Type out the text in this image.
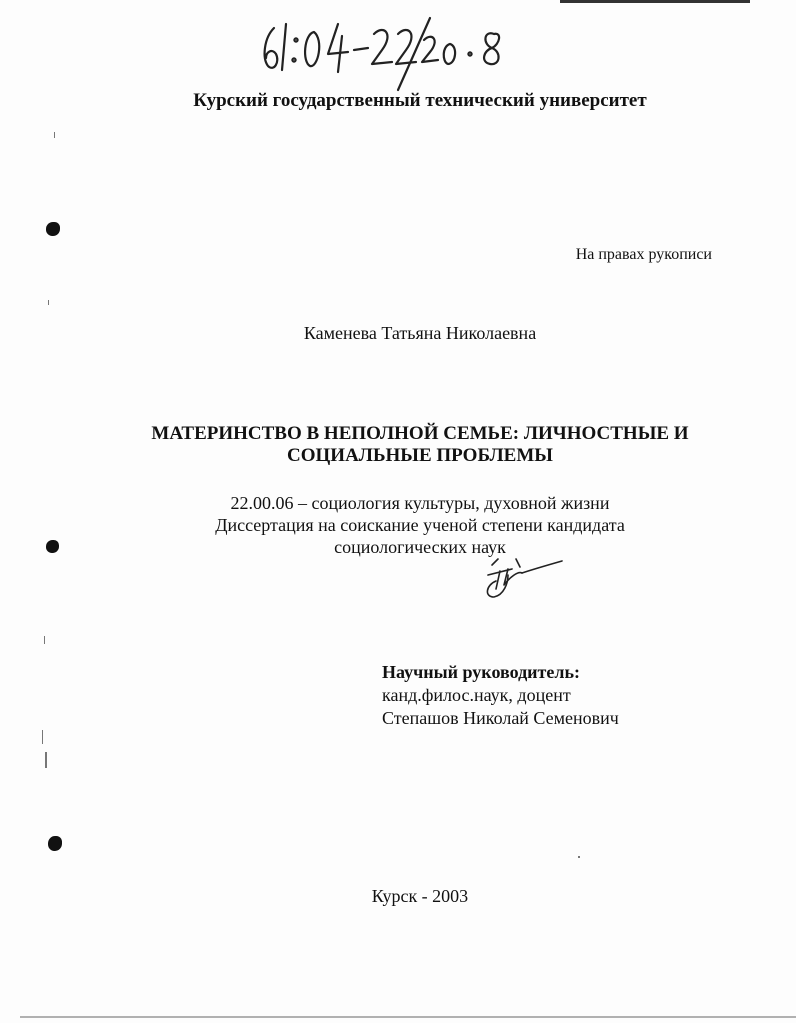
Курский государственный технический университет
На правах рукописи
Каменева Татьяна Николаевна
МАТЕРИНСТВО В НЕПОЛНОЙ СЕМЬЕ: ЛИЧНОСТНЫЕ И
СОЦИАЛЬНЫЕ ПРОБЛЕМЫ
22.00.06 – социология культуры, духовной жизни
Диссертация на соискание ученой степени кандидата
социологических наук
Научный руководитель:
канд.филос.наук, доцент
Степашов Николай Семенович
Курск - 2003
